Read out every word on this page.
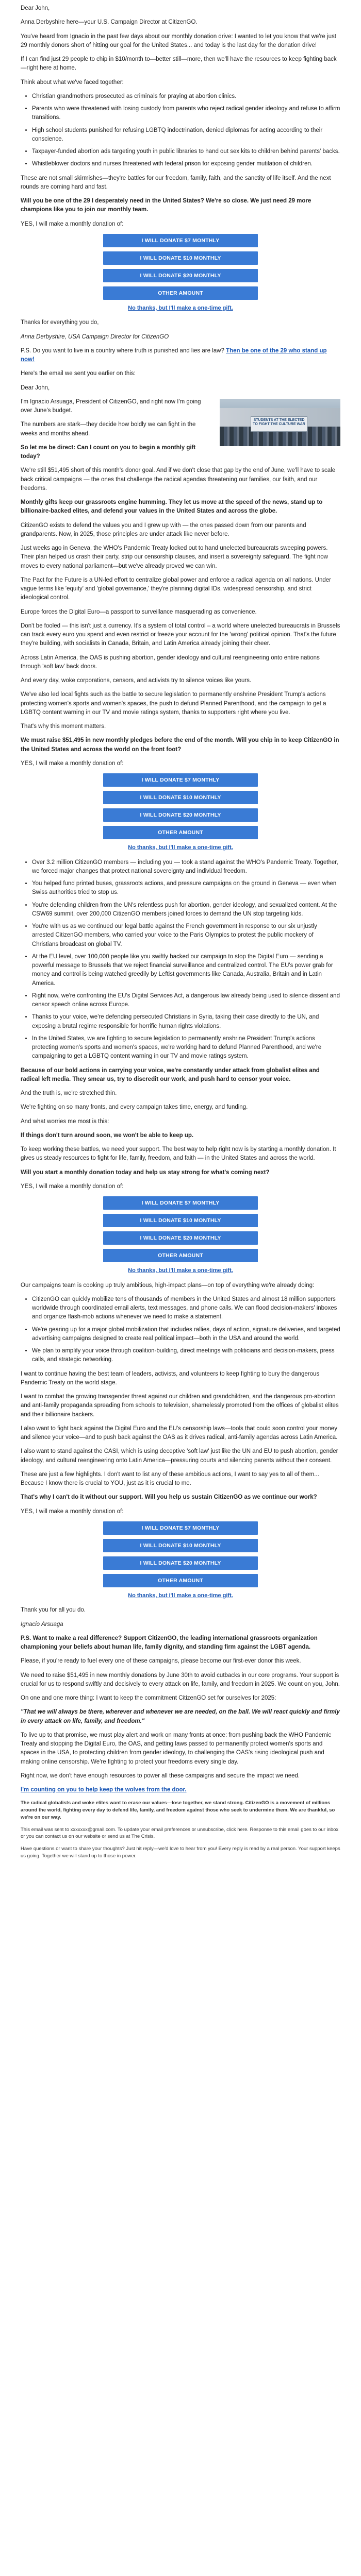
Dear John,

Anna Derbyshire here—your U.S. Campaign Director at CitizenGO.

You've heard from Ignacio in the past few days about our monthly donation drive: I wanted to let you know that we're just 29 monthly donors short of hitting our goal for the United States... and today is the last day for the donation drive!

If I can find just 29 people to chip in $10/month to—better still—more, then we'll have the resources to keep fighting back—right here at home.

Think about what we've faced together:

• Christian grandmothers prosecuted as criminals for praying at abortion clinics.
• Parents who were threatened with losing custody from parents who reject radical gender ideology and refuse to affirm transitions.
• High school students punished for refusing LGBTQ indoctrination, denied diplomas for acting according to their conscience.
• Taxpayer-funded abortion ads targeting youth in public libraries to hand out sex kits to children behind parents' backs.
• Whistleblower doctors and nurses threatened with federal prison for exposing gender mutilation of children.

These are not small skirmishes—they're battles for our freedom, family, faith, and the sanctity of life itself. And the next rounds are coming hard and fast.

Will you be one of the 29 I desperately need in the United States? We're so close. We just need 29 more champions like you to join our monthly team.

YES, I will make a monthly donation of:

I WILL DONATE $7 MONTHLY
I WILL DONATE $10 MONTHLY
I WILL DONATE $20 MONTHLY
OTHER AMOUNT
No thanks, but I'll make a one-time gift.

Thanks for everything you do,

Anna Derbyshire, USA Campaign Director for CitizenGO

P.S. Do you want to live in a country where truth is punished and lies are law? Then be one of the 29 who stand up now!

Here's the email we sent you earlier on this:

Dear John,

STUDENTS AT THE ELECTED TO FIGHT THE CULTURE WAR

I'm Ignacio Arsuaga, President of CitizenGO, and right now I'm going over June's budget.

The numbers are stark—they decide how boldly we can fight in the weeks and months ahead.

So let me be direct: Can I count on you to begin a monthly gift today?

We're still $51,495 short of this month's donor goal. And if we don't close that gap by the end of June, we'll have to scale back critical campaigns — the ones that challenge the radical agendas threatening our families, our faith, and our freedoms.

Monthly gifts keep our grassroots engine humming. They let us move at the speed of the news, stand up to billionaire-backed elites, and defend your values in the United States and across the globe.

CitizenGO exists to defend the values you and I grew up with — the ones passed down from our parents and grandparents. Now, in 2025, those principles are under attack like never before.

Just weeks ago in Geneva, the WHO's Pandemic Treaty locked out to hand unelected bureaucrats sweeping powers. Their plan helped us crash their party, strip our censorship clauses, and insert a sovereignty safeguard. The fight now moves to every national parliament—but we've already proved we can win.

The Pact for the Future is a UN-led effort to centralize global power and enforce a radical agenda on all nations. Under vague terms like 'equity' and 'global governance,' they're planning digital IDs, widespread censorship, and strict ideological control.

Europe forces the Digital Euro—a passport to surveillance masquerading as convenience.

Don't be fooled — this isn't just a currency. It's a system of total control – a world where unelected bureaucrats in Brussels can track every euro you spend and even restrict or freeze your account for the 'wrong' political opinion. That's the future they're building, with socialists in Canada, Britain, and Latin America already joining their cheer.

Across Latin America, the OAS is pushing abortion, gender ideology and cultural reengineering onto entire nations through 'soft law' back doors.

And every day, woke corporations, censors, and activists try to silence voices like yours.

We've also led local fights such as the battle to secure legislation to permanently enshrine President Trump's actions protecting women's sports and women's spaces, the push to defund Planned Parenthood, and the campaign to get a LGBTQ content warning in our TV and movie ratings system, thanks to supporters right where you live.

That's why this moment matters.

We must raise $51,495 in new monthly pledges before the end of the month. Will you chip in to keep CitizenGO in the United States and across the world on the front foot?

YES, I will make a monthly donation of:

I WILL DONATE $7 MONTHLY
I WILL DONATE $10 MONTHLY
I WILL DONATE $20 MONTHLY
OTHER AMOUNT
No thanks, but I'll make a one-time gift.
• Over 3.2 million CitizenGO members — including you — took a stand against the WHO's Pandemic Treaty. Together, we forced major changes that protect national sovereignty and individual freedom.
• You helped fund printed buses, grassroots actions, and pressure campaigns on the ground in Geneva — even when Swiss authorities tried to stop us.
• You're defending children from the UN's relentless push for abortion, gender ideology, and sexualized content. At the CSW69 summit, over 200,000 CitizenGO members joined forces to demand the UN stop targeting kids.
• You're with us as we continued our legal battle against the French government in response to our six unjustly arrested CitizenGO members, who carried your voice to the Paris Olympics to protest the public mockery of Christians broadcast on global TV.
• At the EU level, over 100,000 people like you swiftly backed our campaign to stop the Digital Euro — sending a powerful message to Brussels that we reject financial surveillance and centralized control. The EU's power grab for money and control is being watched greedily by Leftist governments like Canada, Australia, Britain and in Latin America.
• Right now, we're confronting the EU's Digital Services Act, a dangerous law already being used to silence dissent and censor speech online across Europe.
• Thanks to your voice, we're defending persecuted Christians in Syria, taking their case directly to the UN, and exposing a brutal regime responsible for horrific human rights violations.
• In the United States, we are fighting to secure legislation to permanently enshrine President Trump's actions protecting women's sports and women's spaces, we're working hard to defund Planned Parenthood, and we're campaigning to get a LGBTQ content warning in our TV and movie ratings system.

Because of our bold actions in carrying your voice, we're constantly under attack from globalist elites and radical left media. They smear us, try to discredit our work, and push hard to censor your voice.

And the truth is, we're stretched thin.

We're fighting on so many fronts, and every campaign takes time, energy, and funding.

And what worries me most is this:

If things don't turn around soon, we won't be able to keep up.

To keep working these battles, we need your support. The best way to help right now is by starting a monthly donation. It gives us steady resources to fight for life, family, freedom, and faith — in the United States and across the world.

Will you start a monthly donation today and help us stay strong for what's coming next?

YES, I will make a monthly donation of:

I WILL DONATE $7 MONTHLY
I WILL DONATE $10 MONTHLY
I WILL DONATE $20 MONTHLY
OTHER AMOUNT
No thanks, but I'll make a one-time gift.

Our campaigns team is cooking up truly ambitious, high-impact plans—on top of everything we're already doing:

• CitizenGO can quickly mobilize tens of thousands of members in the United States and almost 18 million supporters worldwide through coordinated email alerts, text messages, and phone calls. We can flood decision-makers' inboxes and organize flash-mob actions whenever we need to make a statement.
• We're gearing up for a major global mobilization that includes rallies, days of action, signature deliveries, and targeted advertising campaigns designed to create real political impact—both in the USA and around the world.
• We plan to amplify your voice through coalition-building, direct meetings with politicians and decision-makers, press calls, and strategic networking.

I want to continue having the best team of leaders, activists, and volunteers to keep fighting to bury the dangerous Pandemic Treaty on the world stage.

I want to combat the growing transgender threat against our children and grandchildren, and the dangerous pro-abortion and anti-family propaganda spreading from schools to television, shamelessly promoted from the offices of globalist elites and their billionaire backers.

I also want to fight back against the Digital Euro and the EU's censorship laws—tools that could soon control your money and silence your voice—and to push back against the OAS as it drives radical, anti-family agendas across Latin America.

I also want to stand against the CASI, which is using deceptive 'soft law' just like the UN and EU to push abortion, gender ideology, and cultural reengineering onto Latin America—pressuring courts and silencing parents without their consent.

These are just a few highlights. I don't want to list any of these ambitious actions, I want to say yes to all of them... Because I know there is crucial to YOU, just as it is crucial to me.

That's why I can't do it without our support. Will you help us sustain CitizenGO as we continue our work?

YES, I will make a monthly donation of:

I WILL DONATE $7 MONTHLY
I WILL DONATE $10 MONTHLY
I WILL DONATE $20 MONTHLY
OTHER AMOUNT
No thanks, but I'll make a one-time gift.

Thank you for all you do.

Ignacio Arsuaga

P.S. Want to make a real difference? Support CitizenGO, the leading international grassroots organization championing your beliefs about human life, family dignity, and standing firm against the LGBT agenda.

Please, if you're ready to fuel every one of these campaigns, please become our first-ever donor this week.

We need to raise $51,495 in new monthly donations by June 30th to avoid cutbacks in our core programs. Your support is crucial for us to respond swiftly and decisively to every attack on life, family, and freedom in 2025. We count on you, John.

On one and one more thing: I want to keep the commitment CitizenGO set for ourselves for 2025:

"That we will always be there, wherever and whenever we are needed, on the ball. We will react quickly and firmly in every attack on life, family, and freedom."

To live up to that promise, we must play alert and work on many fronts at once: from pushing back the WHO Pandemic Treaty and stopping the Digital Euro, the OAS, and getting laws passed to permanently protect women's sports and spaces in the USA, to protecting children from gender ideology, to challenging the OAS's rising ideological push and making online censorship. We're fighting to protect your freedoms every single day.

Right now, we don't have enough resources to power all these campaigns and secure the impact we need.

I'm counting on you to help keep the wolves from the door.

The radical globalists and woke elites want to erase our values—lose together, we stand strong. CitizenGO is a movement of millions around the world, fighting every day to defend life, family, and freedom against those who seek to undermine them. We are thankful, so we're on our way.

This email was sent to xxxxxxx@gmail.com. To update your email preferences or unsubscribe, click here. Response to this email goes to our inbox or you can contact us on our website or send us at The Crisis.

Have questions or want to share your thoughts? Just hit reply—we'd love to hear from you! Every reply is read by a real person. Your support keeps us going. Together we will stand up to those in power.
